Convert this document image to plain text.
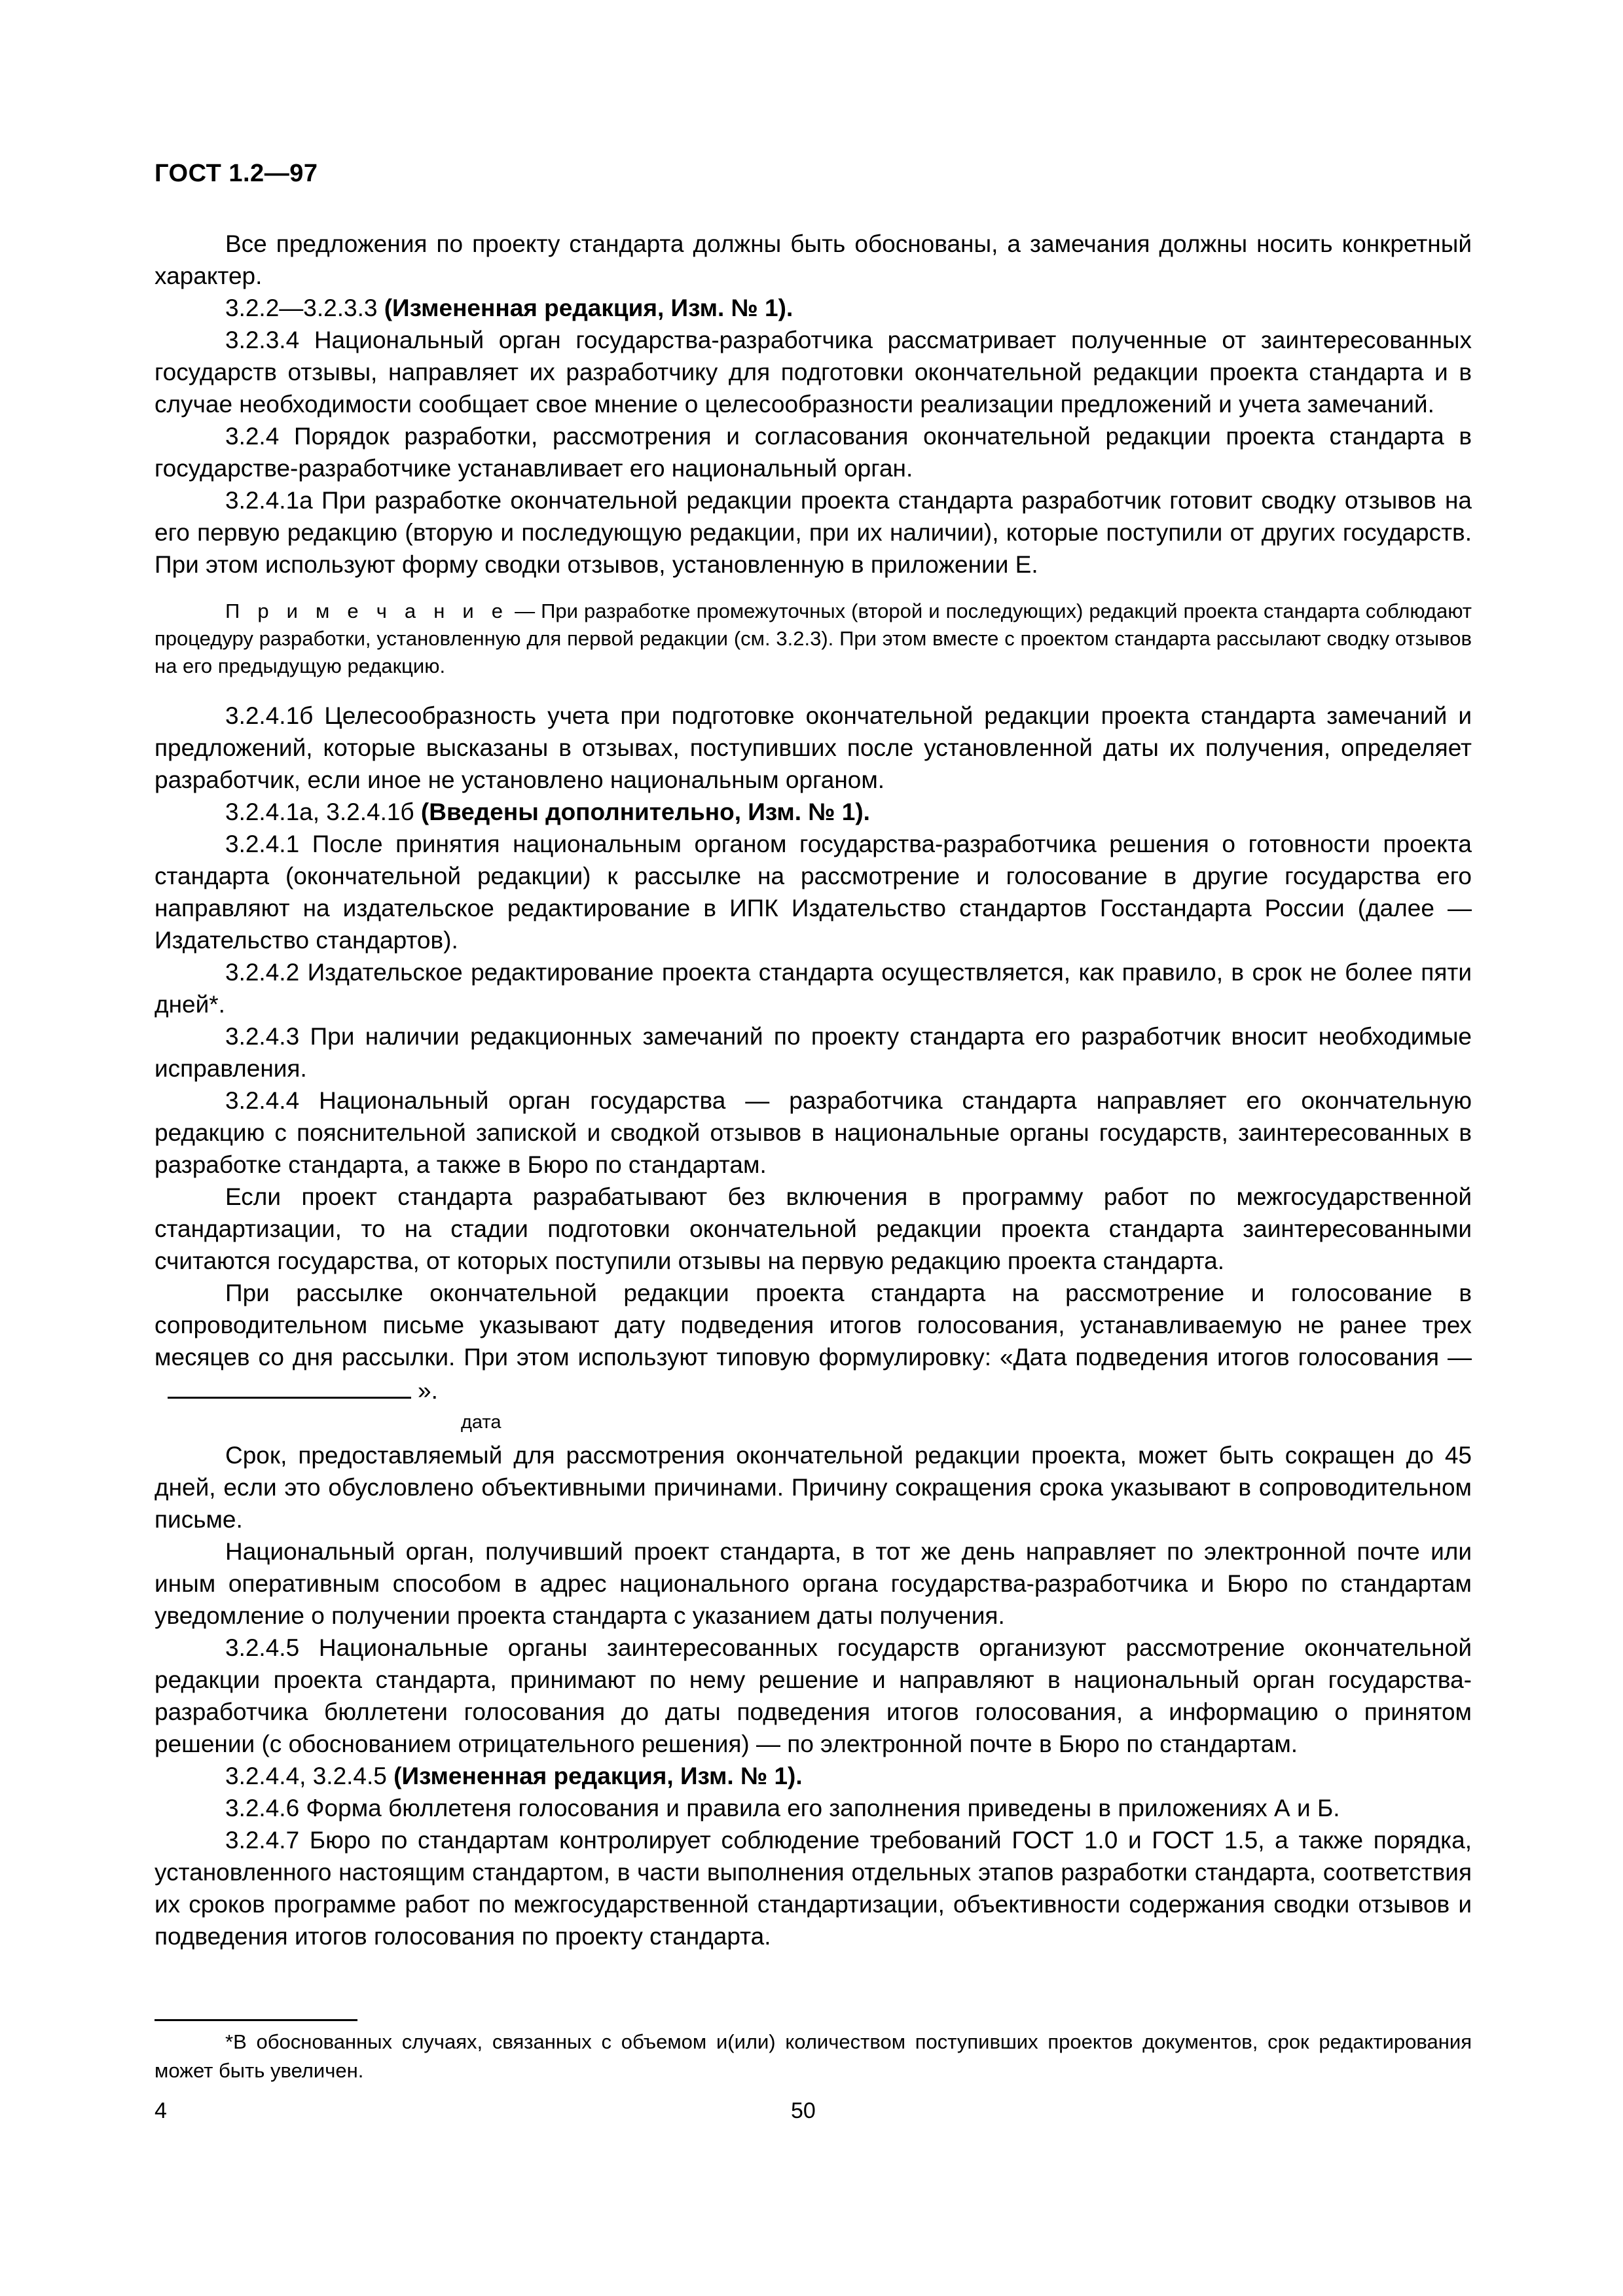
ГОСТ 1.2—97

Все предложения по проекту стандарта должны быть обоснованы, а замечания должны носить конкретный характер.

3.2.2—3.2.3.3 (Измененная редакция, Изм. № 1).

3.2.3.4 Национальный орган государства-разработчика рассматривает полученные от заинтересованных государств отзывы, направляет их разработчику для подготовки окончательной редакции проекта стандарта и в случае необходимости сообщает свое мнение о целесообразности реализации предложений и учета замечаний.

3.2.4 Порядок разработки, рассмотрения и согласования окончательной редакции проекта стандарта в государстве-разработчике устанавливает его национальный орган.

3.2.4.1а При разработке окончательной редакции проекта стандарта разработчик готовит сводку отзывов на его первую редакцию (вторую и последующую редакции, при их наличии), которые поступили от других государств. При этом используют форму сводки отзывов, установленную в приложении Е.

П р и м е ч а н и е — При разработке промежуточных (второй и последующих) редакций проекта стандарта соблюдают процедуру разработки, установленную для первой редакции (см. 3.2.3). При этом вместе с проектом стандарта рассылают сводку отзывов на его предыдущую редакцию.

3.2.4.1б Целесообразность учета при подготовке окончательной редакции проекта стандарта замечаний и предложений, которые высказаны в отзывах, поступивших после установленной даты их получения, определяет разработчик, если иное не установлено национальным органом.

3.2.4.1а, 3.2.4.1б (Введены дополнительно, Изм. № 1).

3.2.4.1 После принятия национальным органом государства-разработчика решения о готовности проекта стандарта (окончательной редакции) к рассылке на рассмотрение и голосование в другие государства его направляют на издательское редактирование в ИПК Издательство стандартов Госстандарта России (далее — Издательство стандартов).

3.2.4.2 Издательское редактирование проекта стандарта осуществляется, как правило, в срок не более пяти дней*.

3.2.4.3 При наличии редакционных замечаний по проекту стандарта его разработчик вносит необходимые исправления.

3.2.4.4 Национальный орган государства — разработчика стандарта направляет его окончательную редакцию с пояснительной запиской и сводкой отзывов в национальные органы государств, заинтересованных в разработке стандарта, а также в Бюро по стандартам.

Если проект стандарта разрабатывают без включения в программу работ по межгосударственной стандартизации, то на стадии подготовки окончательной редакции проекта стандарта заинтересованными считаются государства, от которых поступили отзывы на первую редакцию проекта стандарта.

При рассылке окончательной редакции проекта стандарта на рассмотрение и голосование в сопроводительном письме указывают дату подведения итогов голосования, устанавливаемую не ранее трех месяцев со дня рассылки. При этом используют типовую формулировку: «Дата подведения итогов голосования —».

дата

Срок, предоставляемый для рассмотрения окончательной редакции проекта, может быть сокращен до 45 дней, если это обусловлено объективными причинами. Причину сокращения срока указывают в сопроводительном письме.

Национальный орган, получивший проект стандарта, в тот же день направляет по электронной почте или иным оперативным способом в адрес национального органа государства-разработчика и Бюро по стандартам уведомление о получении проекта стандарта с указанием даты получения.

3.2.4.5 Национальные органы заинтересованных государств организуют рассмотрение окончательной редакции проекта стандарта, принимают по нему решение и направляют в национальный орган государства-разработчика бюллетени голосования до даты подведения итогов голосования, а информацию о принятом решении (с обоснованием отрицательного решения) — по электронной почте в Бюро по стандартам.

3.2.4.4, 3.2.4.5 (Измененная редакция, Изм. № 1).

3.2.4.6 Форма бюллетеня голосования и правила его заполнения приведены в приложениях А и Б.

3.2.4.7 Бюро по стандартам контролирует соблюдение требований ГОСТ 1.0 и ГОСТ 1.5, а также порядка, установленного настоящим стандартом, в части выполнения отдельных этапов разработки стандарта, соответствия их сроков программе работ по межгосударственной стандартизации, объективности содержания сводки отзывов и подведения итогов голосования по проекту стандарта.

*В обоснованных случаях, связанных с объемом и(или) количеством поступивших проектов документов, срок редактирования может быть увеличен.
4	50
